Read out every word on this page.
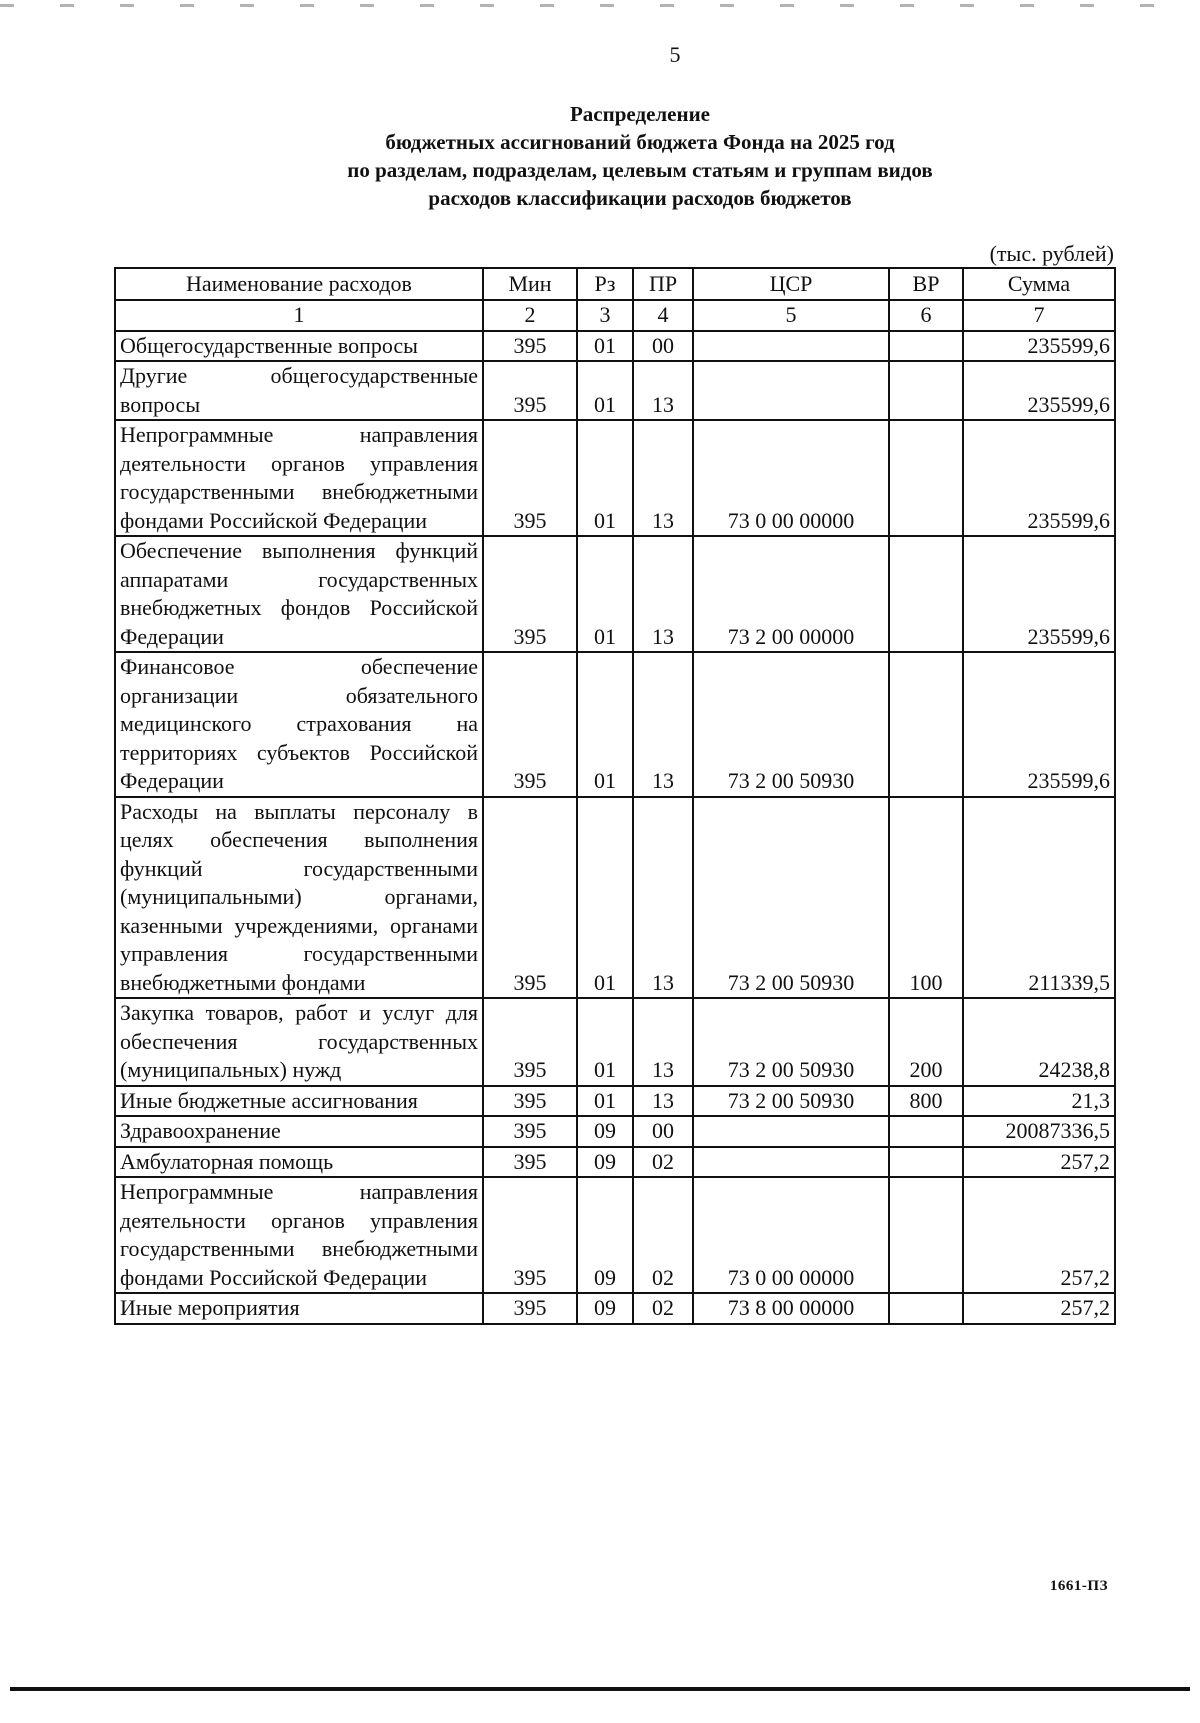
5
Распределение
бюджетных ассигнований бюджета Фонда на 2025 год
по разделам, подразделам, целевым статьям и группам видов
расходов классификации расходов бюджетов
(тыс. рублей)
Наименование расходов	Мин	Рз	ПР	ЦСР	ВР	Сумма
1	2	3	4	5	6	7
Общегосударственные вопросы	395	01	00			235599,6
Другие общегосударственные вопросы	395	01	13			235599,6
Непрограммные направления деятельности органов управления государственными внебюджетными фондами Российской Федерации	395	01	13	73 0 00 00000		235599,6
Обеспечение выполнения функций аппаратами государственных внебюджетных фондов Российской Федерации	395	01	13	73 2 00 00000		235599,6
Финансовое обеспечение организации обязательного медицинского страхования на территориях субъектов Российской Федерации	395	01	13	73 2 00 50930		235599,6
Расходы на выплаты персоналу в целях обеспечения выполнения функций государственными (муниципальными) органами, казенными учреждениями, органами управления государственными внебюджетными фондами	395	01	13	73 2 00 50930	100	211339,5
Закупка товаров, работ и услуг для обеспечения государственных (муниципальных) нужд	395	01	13	73 2 00 50930	200	24238,8
Иные бюджетные ассигнования	395	01	13	73 2 00 50930	800	21,3
Здравоохранение	395	09	00			20087336,5
Амбулаторная помощь	395	09	02			257,2
Непрограммные направления деятельности органов управления государственными внебюджетными фондами Российской Федерации	395	09	02	73 0 00 00000		257,2
Иные мероприятия	395	09	02	73 8 00 00000		257,2
1661-ПЗ
